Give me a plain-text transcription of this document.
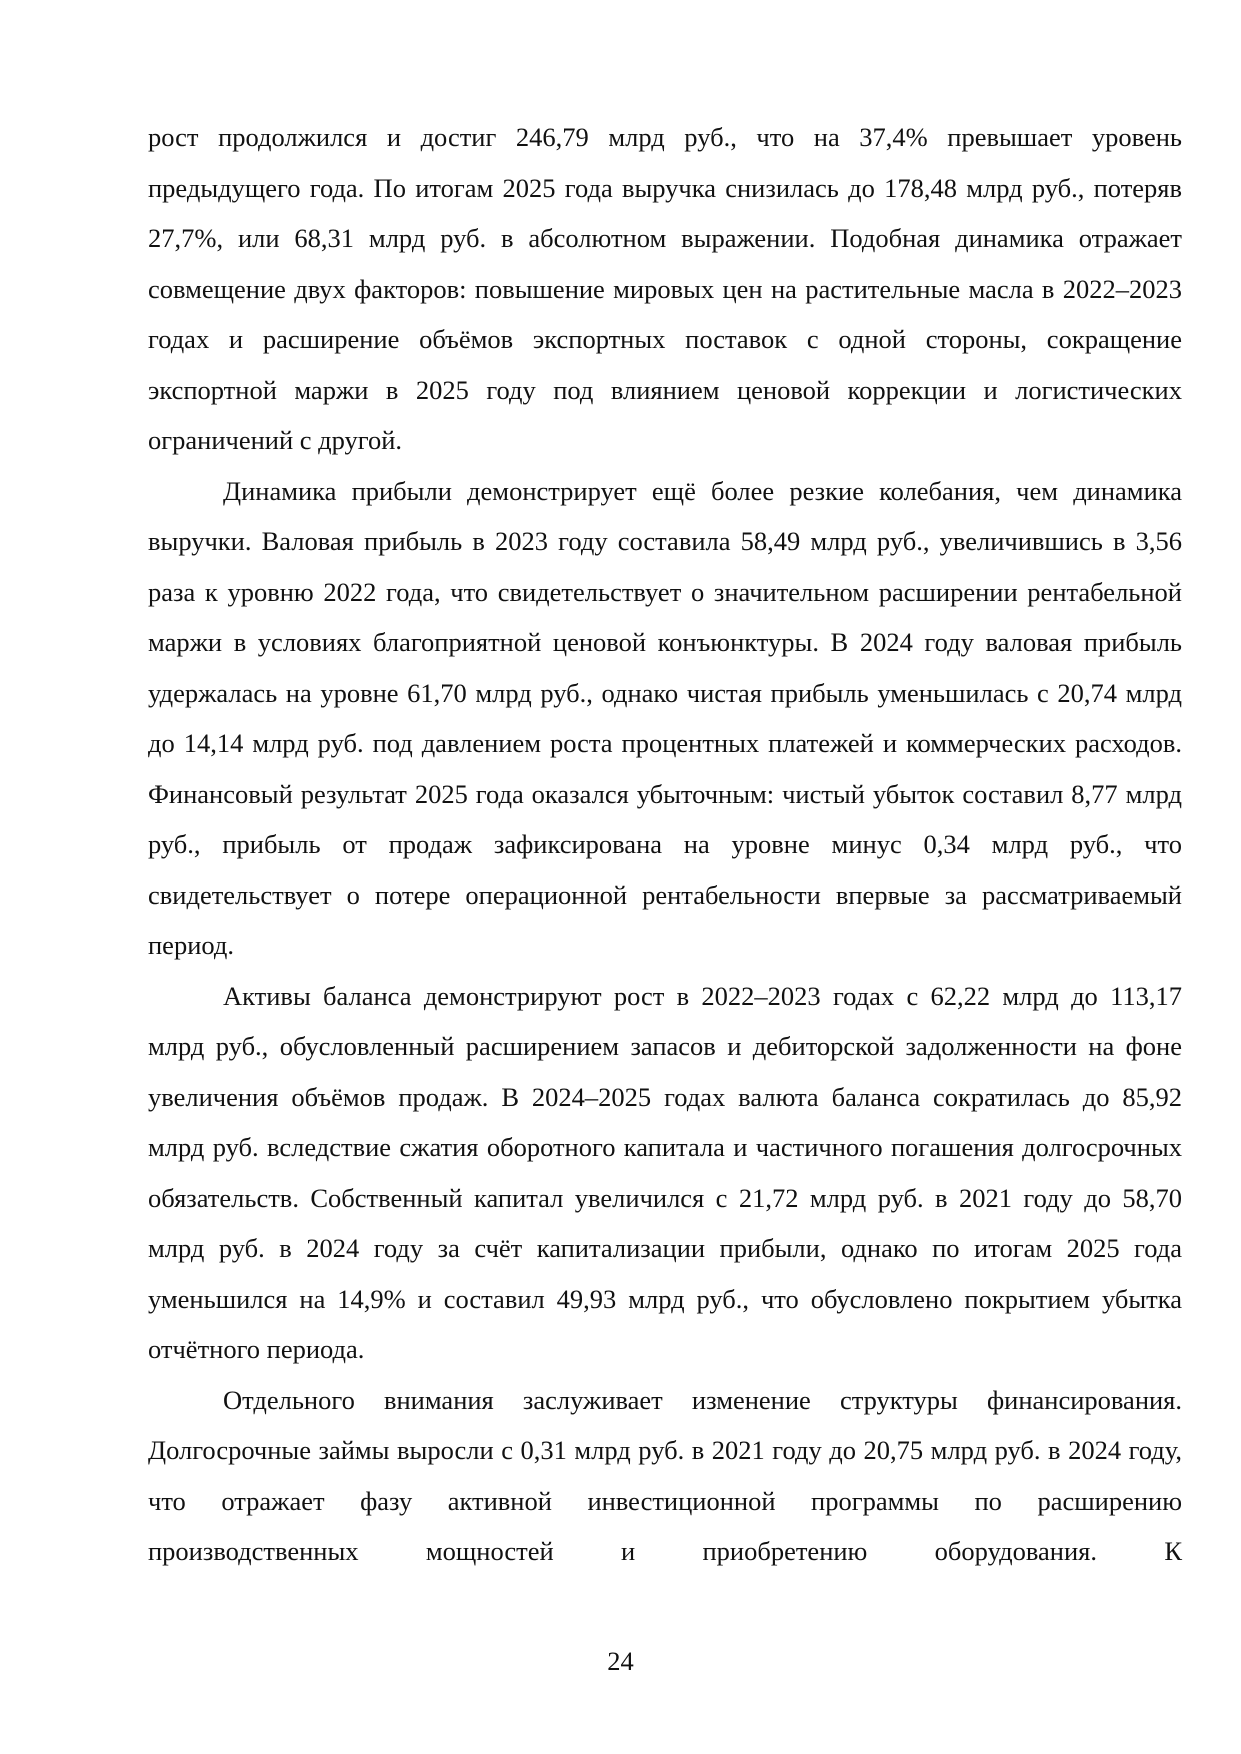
рост продолжился и достиг 246,79 млрд руб., что на 37,4% превышает уровень предыдущего года. По итогам 2025 года выручка снизилась до 178,48 млрд руб., потеряв 27,7%, или 68,31 млрд руб. в абсолютном выражении. Подобная динамика отражает совмещение двух факторов: повышение мировых цен на растительные масла в 2022–2023 годах и расширение объёмов экспортных поставок с одной стороны, сокращение экспортной маржи в 2025 году под влиянием ценовой коррекции и логистических ограничений с другой.

Динамика прибыли демонстрирует ещё более резкие колебания, чем динамика выручки. Валовая прибыль в 2023 году составила 58,49 млрд руб., увеличившись в 3,56 раза к уровню 2022 года, что свидетельствует о значительном расширении рентабельной маржи в условиях благоприятной ценовой конъюнктуры. В 2024 году валовая прибыль удержалась на уровне 61,70 млрд руб., однако чистая прибыль уменьшилась с 20,74 млрд до 14,14 млрд руб. под давлением роста процентных платежей и коммерческих расходов. Финансовый результат 2025 года оказался убыточным: чистый убыток составил 8,77 млрд руб., прибыль от продаж зафиксирована на уровне минус 0,34 млрд руб., что свидетельствует о потере операционной рентабельности впервые за рассматриваемый период.

Активы баланса демонстрируют рост в 2022–2023 годах с 62,22 млрд до 113,17 млрд руб., обусловленный расширением запасов и дебиторской задолженности на фоне увеличения объёмов продаж. В 2024–2025 годах валюта баланса сократилась до 85,92 млрд руб. вследствие сжатия оборотного капитала и частичного погашения долгосрочных обязательств. Собственный капитал увеличился с 21,72 млрд руб. в 2021 году до 58,70 млрд руб. в 2024 году за счёт капитализации прибыли, однако по итогам 2025 года уменьшился на 14,9% и составил 49,93 млрд руб., что обусловлено покрытием убытка отчётного периода.

Отдельного внимания заслуживает изменение структуры финансирования. Долгосрочные займы выросли с 0,31 млрд руб. в 2021 году до 20,75 млрд руб. в 2024 году, что отражает фазу активной инвестиционной программы по расширению производственных мощностей и приобретению оборудования. К

24
